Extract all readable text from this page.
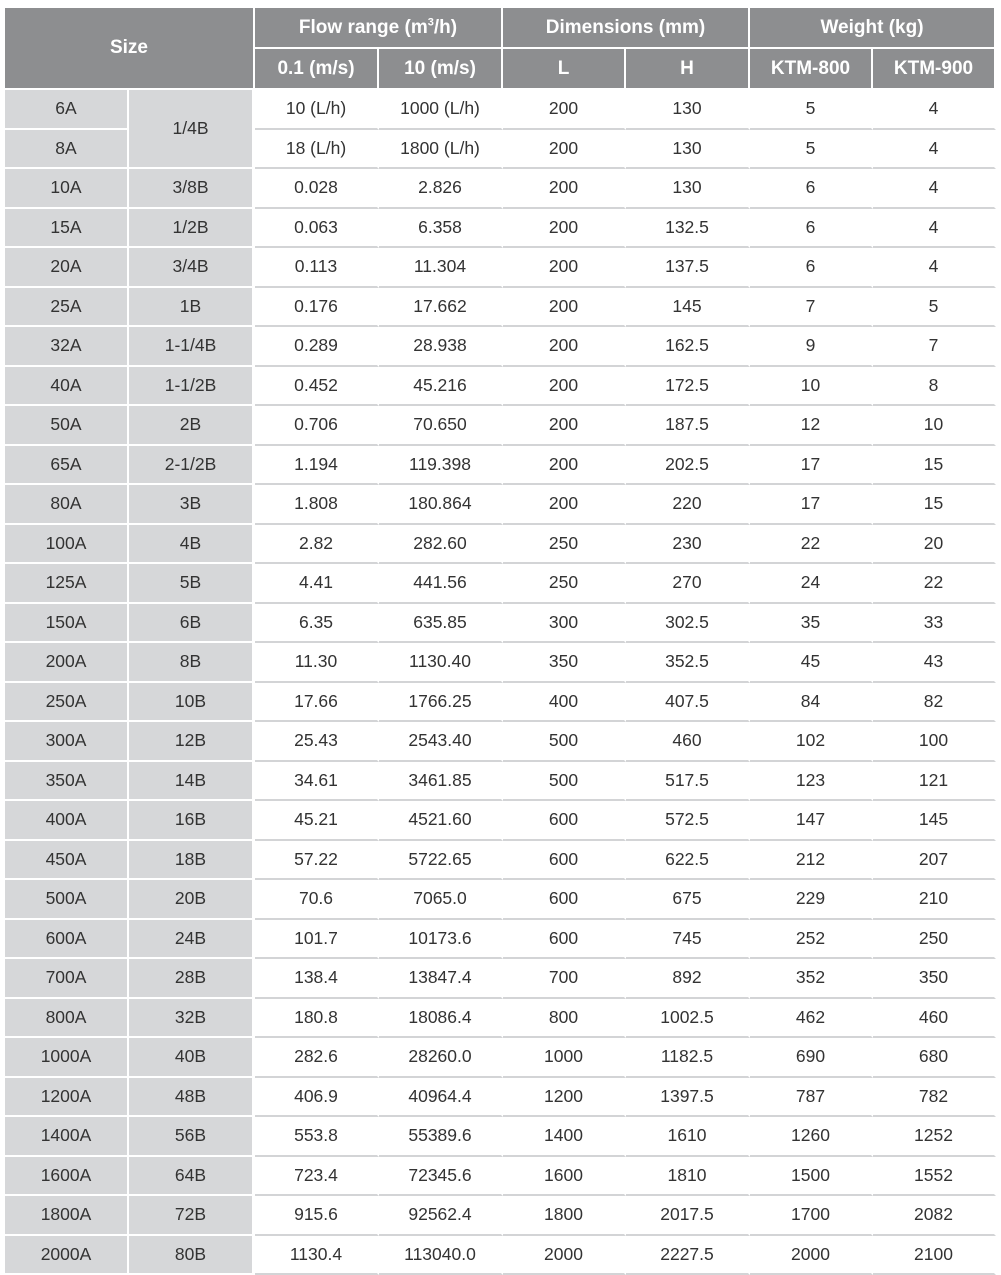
Size		Flow range $(m^3/h)$		Dimensions (mm)		Weight (kg)	
		0.1 (m/s)	10 (m/s)	L	H	KTM-800	KTM-900
6A	1/4B	10 (L/h)	1000 (L/h)	200	130	5	4
8A		18 (L/h)	1800 (L/h)	200	130	5	4
10A	3/8B	0.028	2.826	200	130	6	4
15A	1/2B	0.063	6.358	200	132.5	6	4
20A	3/4B	0.113	11.304	200	137.5	6	4
25A	1B	0.176	17.662	200	145	7	5
32A	1-1/4B	0.289	28.938	200	162.5	9	7
40A	1-1/2B	0.452	45.216	200	172.5	10	8
50A	2B	0.706	70.650	200	187.5	12	10
65A	2-1/2B	1.194	119.398	200	202.5	17	15
80A	3B	1.808	180.864	200	220	17	15
100A	4B	2.82	282.60	250	230	22	20
125A	5B	4.41	441.56	250	270	24	22
150A	6B	6.35	635.85	300	302.5	35	33
200A	8B	11.30	1130.40	350	352.5	45	43
250A	10B	17.66	1766.25	400	407.5	84	82
300A	12B	25.43	2543.40	500	460	102	100
350A	14B	34.61	3461.85	500	517.5	123	121
400A	16B	45.21	4521.60	600	572.5	147	145
450A	18B	57.22	5722.65	600	622.5	212	207
500A	20B	70.6	7065.0	600	675	229	210
600A	24B	101.7	10173.6	600	745	252	250
700A	28B	138.4	13847.4	700	892	352	350
800A	32B	180.8	18086.4	800	1002.5	462	460
1000A	40B	282.6	28260.0	1000	1182.5	690	680
1200A	48B	406.9	40964.4	1200	1397.5	787	782
1400A	56B	553.8	55389.6	1400	1610	1260	1252
1600A	64B	723.4	72345.6	1600	1810	1500	1552
1800A	72B	915.6	92562.4	1800	2017.5	1700	2082
2000A	80B	1130.4	113040.0	2000	2227.5	2000	2100
